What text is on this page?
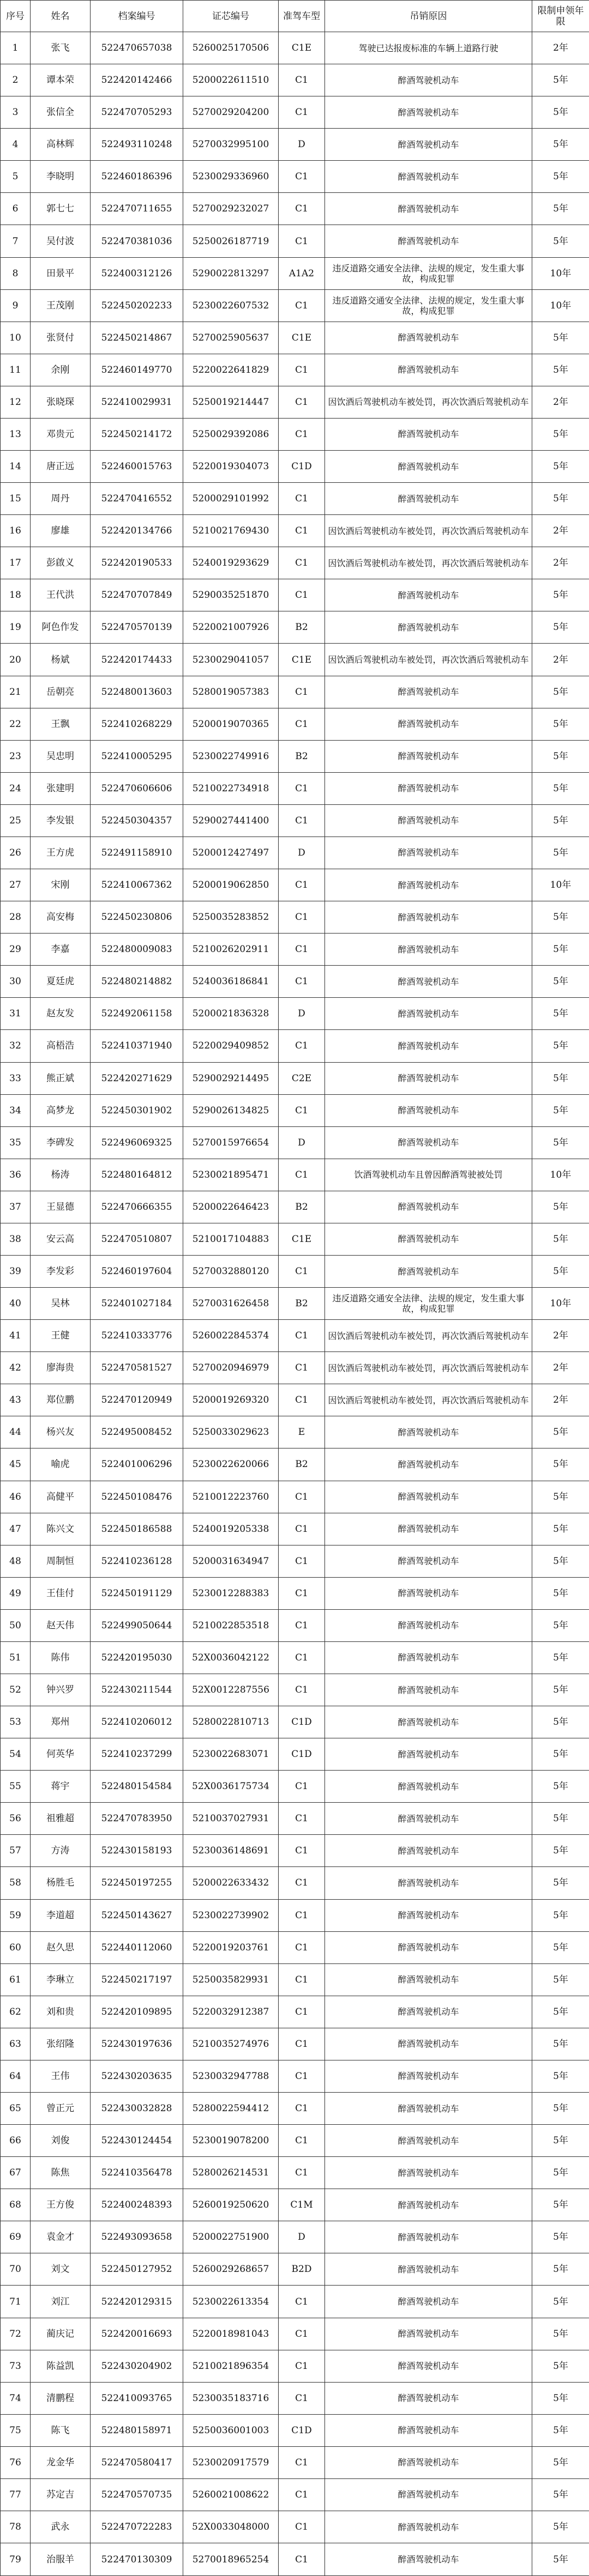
序号	姓名	档案编号	证芯编号	准驾车型	吊销原因	限制申领年限
1	张飞	522470657038	5260025170506	C1E	驾驶已达报废标准的车辆上道路行驶	2年
2	谭本荣	522420142466	5200022611510	C1	醉酒驾驶机动车	5年
3	张信全	522470705293	5270029204200	C1	醉酒驾驶机动车	5年
4	高林辉	522493110248	5270032995100	D	醉酒驾驶机动车	5年
5	李晓明	522460186396	5230029336960	C1	醉酒驾驶机动车	5年
6	郭七七	522470711655	5270029232027	C1	醉酒驾驶机动车	5年
7	吴付波	522470381036	5250026187719	C1	醉酒驾驶机动车	5年
8	田景平	522400312126	5290022813297	A1A2	违反道路交通安全法律、法规的规定，发生重大事故，构成犯罪	10年
9	王茂刚	522450202233	5230022607532	C1	违反道路交通安全法律、法规的规定，发生重大事故，构成犯罪	10年
10	张贤付	522450214867	5270025905637	C1E	醉酒驾驶机动车	5年
11	余刚	522460149770	5220022641829	C1	醉酒驾驶机动车	5年
12	张晓琛	522410029931	5250019214447	C1	因饮酒后驾驶机动车被处罚，再次饮酒后驾驶机动车	2年
13	邓贵元	522450214172	5250029392086	C1	醉酒驾驶机动车	5年
14	唐正远	522460015763	5220019304073	C1D	醉酒驾驶机动车	5年
15	周丹	522470416552	5200029101992	C1	醉酒驾驶机动车	5年
16	廖雄	522420134766	5210021769430	C1	因饮酒后驾驶机动车被处罚，再次饮酒后驾驶机动车	2年
17	彭啟义	522420190533	5240019293629	C1	因饮酒后驾驶机动车被处罚，再次饮酒后驾驶机动车	2年
18	王代洪	522470707849	5290035251870	C1	醉酒驾驶机动车	5年
19	阿色作发	522470570139	5220021007926	B2	醉酒驾驶机动车	5年
20	杨斌	522420174433	5230029041057	C1E	因饮酒后驾驶机动车被处罚，再次饮酒后驾驶机动车	2年
21	岳朝亮	522480013603	5280019057383	C1	醉酒驾驶机动车	5年
22	王飘	522410268229	5200019070365	C1	醉酒驾驶机动车	5年
23	吴忠明	522410005295	5230022749916	B2	醉酒驾驶机动车	5年
24	张建明	522470606606	5210022734918	C1	醉酒驾驶机动车	5年
25	李发银	522450304357	5290027441400	C1	醉酒驾驶机动车	5年
26	王方虎	522491158910	5200012427497	D	醉酒驾驶机动车	5年
27	宋刚	522410067362	5200019062850	C1	醉酒驾驶机动车	10年
28	高安梅	522450230806	5250035283852	C1	醉酒驾驶机动车	5年
29	李嘉	522480009083	5210026202911	C1	醉酒驾驶机动车	5年
30	夏廷虎	522480214882	5240036186841	C1	醉酒驾驶机动车	5年
31	赵友发	522492061158	5200021836328	D	醉酒驾驶机动车	5年
32	高梧浩	522410371940	5220029409852	C1	醉酒驾驶机动车	5年
33	熊正斌	522420271629	5290029214495	C2E	醉酒驾驶机动车	5年
34	高梦龙	522450301902	5290026134825	C1	醉酒驾驶机动车	5年
35	李碑发	522496069325	5270015976654	D	醉酒驾驶机动车	5年
36	杨涛	522480164812	5230021895471	C1	饮酒驾驶机动车且曾因醉酒驾驶被处罚	10年
37	王显德	522470666355	5200022646423	B2	醉酒驾驶机动车	5年
38	安云高	522470510807	5210017104883	C1E	醉酒驾驶机动车	5年
39	李发彩	522460197604	5270032880120	C1	醉酒驾驶机动车	5年
40	吴林	522401027184	5270031626458	B2	违反道路交通安全法律、法规的规定，发生重大事故，构成犯罪	10年
41	王健	522410333776	5260022845374	C1	因饮酒后驾驶机动车被处罚，再次饮酒后驾驶机动车	2年
42	廖海贵	522470581527	5270020946979	C1	因饮酒后驾驶机动车被处罚，再次饮酒后驾驶机动车	2年
43	郑位鹏	522470120949	5200019269320	C1	因饮酒后驾驶机动车被处罚，再次饮酒后驾驶机动车	2年
44	杨兴友	522495008452	5250033029623	E	醉酒驾驶机动车	5年
45	喻虎	522401006296	5230022620066	B2	醉酒驾驶机动车	5年
46	高健平	522450108476	5210012223760	C1	醉酒驾驶机动车	5年
47	陈兴文	522450186588	5240019205338	C1	醉酒驾驶机动车	5年
48	周制恒	522410236128	5200031634947	C1	醉酒驾驶机动车	5年
49	王佳付	522450191129	5230012288383	C1	醉酒驾驶机动车	5年
50	赵天伟	522499050644	5210022853518	C1	醉酒驾驶机动车	5年
51	陈伟	522420195030	52X0036042122	C1	醉酒驾驶机动车	5年
52	钟兴罗	522430211544	52X0012287556	C1	醉酒驾驶机动车	5年
53	郑州	522410206012	5280022810713	C1D	醉酒驾驶机动车	5年
54	何英华	522410237299	5230022683071	C1D	醉酒驾驶机动车	5年
55	蒋宇	522480154584	52X0036175734	C1	醉酒驾驶机动车	5年
56	祖雅超	522470783950	5210037027931	C1	醉酒驾驶机动车	5年
57	方涛	522430158193	5230036148691	C1	醉酒驾驶机动车	5年
58	杨胜毛	522450197255	5200022633432	C1	醉酒驾驶机动车	5年
59	李道超	522450143627	5230022739902	C1	醉酒驾驶机动车	5年
60	赵久思	522440112060	5220019203761	C1	醉酒驾驶机动车	5年
61	李琳立	522450217197	5250035829931	C1	醉酒驾驶机动车	5年
62	刘和贵	522420109895	5220032912387	C1	醉酒驾驶机动车	5年
63	张绍隆	522430197636	5210035274976	C1	醉酒驾驶机动车	5年
64	王伟	522430203635	5230032947788	C1	醉酒驾驶机动车	5年
65	曾正元	522430032828	5280022594412	C1	醉酒驾驶机动车	5年
66	刘俊	522430124454	5230019078200	C1	醉酒驾驶机动车	5年
67	陈焦	522410356478	5280026214531	C1	醉酒驾驶机动车	5年
68	王方俊	522400248393	5260019250620	C1M	醉酒驾驶机动车	5年
69	袁金才	522493093658	5200022751900	D	醉酒驾驶机动车	5年
70	刘文	522450127952	5260029268657	B2D	醉酒驾驶机动车	5年
71	刘江	522420129315	5230022613354	C1	醉酒驾驶机动车	5年
72	蔺庆记	522420016693	5220018981043	C1	醉酒驾驶机动车	5年
73	陈益凯	522430204902	5210021896354	C1	醉酒驾驶机动车	5年
74	清鹏程	522410093765	5230035183716	C1	醉酒驾驶机动车	5年
75	陈飞	522480158971	5250036001003	C1D	醉酒驾驶机动车	5年
76	龙金华	522470580417	5230020917579	C1	醉酒驾驶机动车	5年
77	苏定吉	522470570735	5260021008622	C1	醉酒驾驶机动车	5年
78	武永	522470722283	52X0033048000	C1	醉酒驾驶机动车	5年
79	治服羊	522470130309	5270018965254	C1	醉酒驾驶机动车	5年
